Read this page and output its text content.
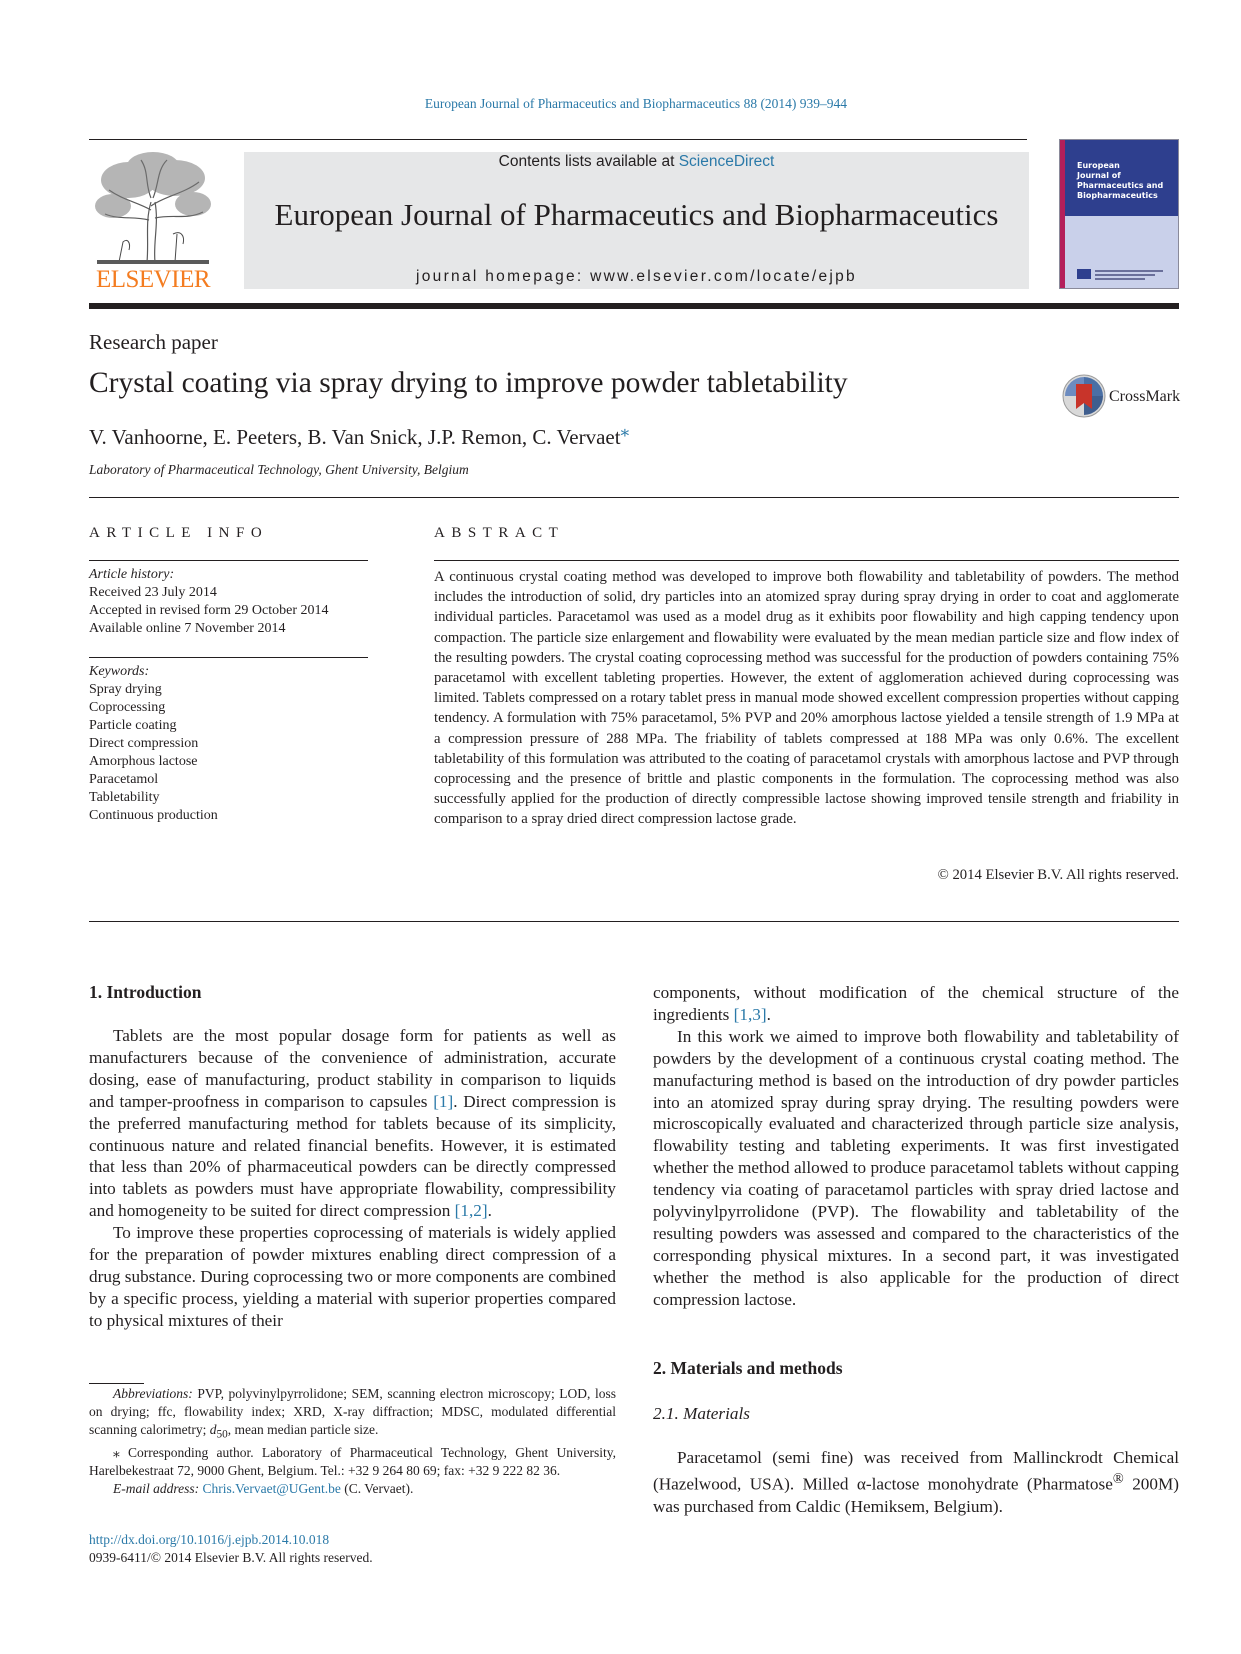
European Journal of Pharmaceutics and Biopharmaceutics 88 (2014) 939–944
ELSEVIER
Contents lists available at ScienceDirect
European Journal of Pharmaceutics and Biopharmaceutics
journal homepage: www.elsevier.com/locate/ejpb
European
Journal of
Pharmaceutics and
Biopharmaceutics
Research paper
Crystal coating via spray drying to improve powder tabletability	CrossMark
V. Vanhoorne, E. Peeters, B. Van Snick, J.P. Remon, C. Vervaet⁎
Laboratory of Pharmaceutical Technology, Ghent University, Belgium
ARTICLE INFO	ABSTRACT
Article history:
Received 23 July 2014
Accepted in revised form 29 October 2014
Available online 7 November 2014
Keywords:
Spray drying
Coprocessing
Particle coating
Direct compression
Amorphous lactose
Paracetamol
Tabletability
Continuous production
A continuous crystal coating method was developed to improve both flowability and tabletability of powders. The method includes the introduction of solid, dry particles into an atomized spray during spray drying in order to coat and agglomerate individual particles. Paracetamol was used as a model drug as it exhibits poor flowability and high capping tendency upon compaction. The particle size enlargement and flowability were evaluated by the mean median particle size and flow index of the resulting powders. The crystal coating coprocessing method was successful for the production of powders containing 75% paracetamol with excellent tableting properties. However, the extent of agglomeration achieved during coprocessing was limited. Tablets compressed on a rotary tablet press in manual mode showed excellent compression properties without capping tendency. A formulation with 75% paracetamol, 5% PVP and 20% amorphous lactose yielded a tensile strength of 1.9 MPa at a compression pressure of 288 MPa. The friability of tablets compressed at 188 MPa was only 0.6%. The excellent tabletability of this formulation was attributed to the coating of paracetamol crystals with amorphous lactose and PVP through coprocessing and the presence of brittle and plastic components in the formulation. The coprocessing method was also successfully applied for the production of directly compressible lactose showing improved tensile strength and friability in comparison to a spray dried direct compression lactose grade.
© 2014 Elsevier B.V. All rights reserved.
1. Introduction

Tablets are the most popular dosage form for patients as well as manufacturers because of the convenience of administration, accurate dosing, ease of manufacturing, product stability in comparison to liquids and tamper-proofness in comparison to capsules [1]. Direct compression is the preferred manufacturing method for tablets because of its simplicity, continuous nature and related financial benefits. However, it is estimated that less than 20% of pharmaceutical powders can be directly compressed into tablets as powders must have appropriate flowability, compressibility and homogeneity to be suited for direct compression [1,2].

To improve these properties coprocessing of materials is widely applied for the preparation of powder mixtures enabling direct compression of a drug substance. During coprocessing two or more components are combined by a specific process, yielding a material with superior properties compared to physical mixtures of their

Abbreviations: PVP, polyvinylpyrrolidone; SEM, scanning electron microscopy; LOD, loss on drying; ffc, flowability index; XRD, X-ray diffraction; MDSC, modulated differential scanning calorimetry; $d_{50}$, mean median particle size.

⁎ Corresponding author. Laboratory of Pharmaceutical Technology, Ghent University, Harelbekestraat 72, 9000 Ghent, Belgium. Tel.: +32 9 264 80 69; fax: +32 9 222 82 36.

E-mail address: Chris.Vervaet@UGent.be (C. Vervaet).

http://dx.doi.org/10.1016/j.ejpb.2014.10.018
0939-6411/© 2014 Elsevier B.V. All rights reserved.

components, without modification of the chemical structure of the ingredients [1,3].

In this work we aimed to improve both flowability and tabletability of powders by the development of a continuous crystal coating method. The manufacturing method is based on the introduction of dry powder particles into an atomized spray during spray drying. The resulting powders were microscopically evaluated and characterized through particle size analysis, flowability testing and tableting experiments. It was first investigated whether the method allowed to produce paracetamol tablets without capping tendency via coating of paracetamol particles with spray dried lactose and polyvinylpyrrolidone (PVP). The flowability and tabletability of the resulting powders was assessed and compared to the characteristics of the corresponding physical mixtures. In a second part, it was investigated whether the method is also applicable for the production of direct compression lactose.

2. Materials and methods
2.1. Materials

Paracetamol (semi fine) was received from Mallinckrodt Chemical (Hazelwood, USA). Milled α-lactose monohydrate (Pharmatose® 200M) was purchased from Caldic (Hemiksem, Belgium).
